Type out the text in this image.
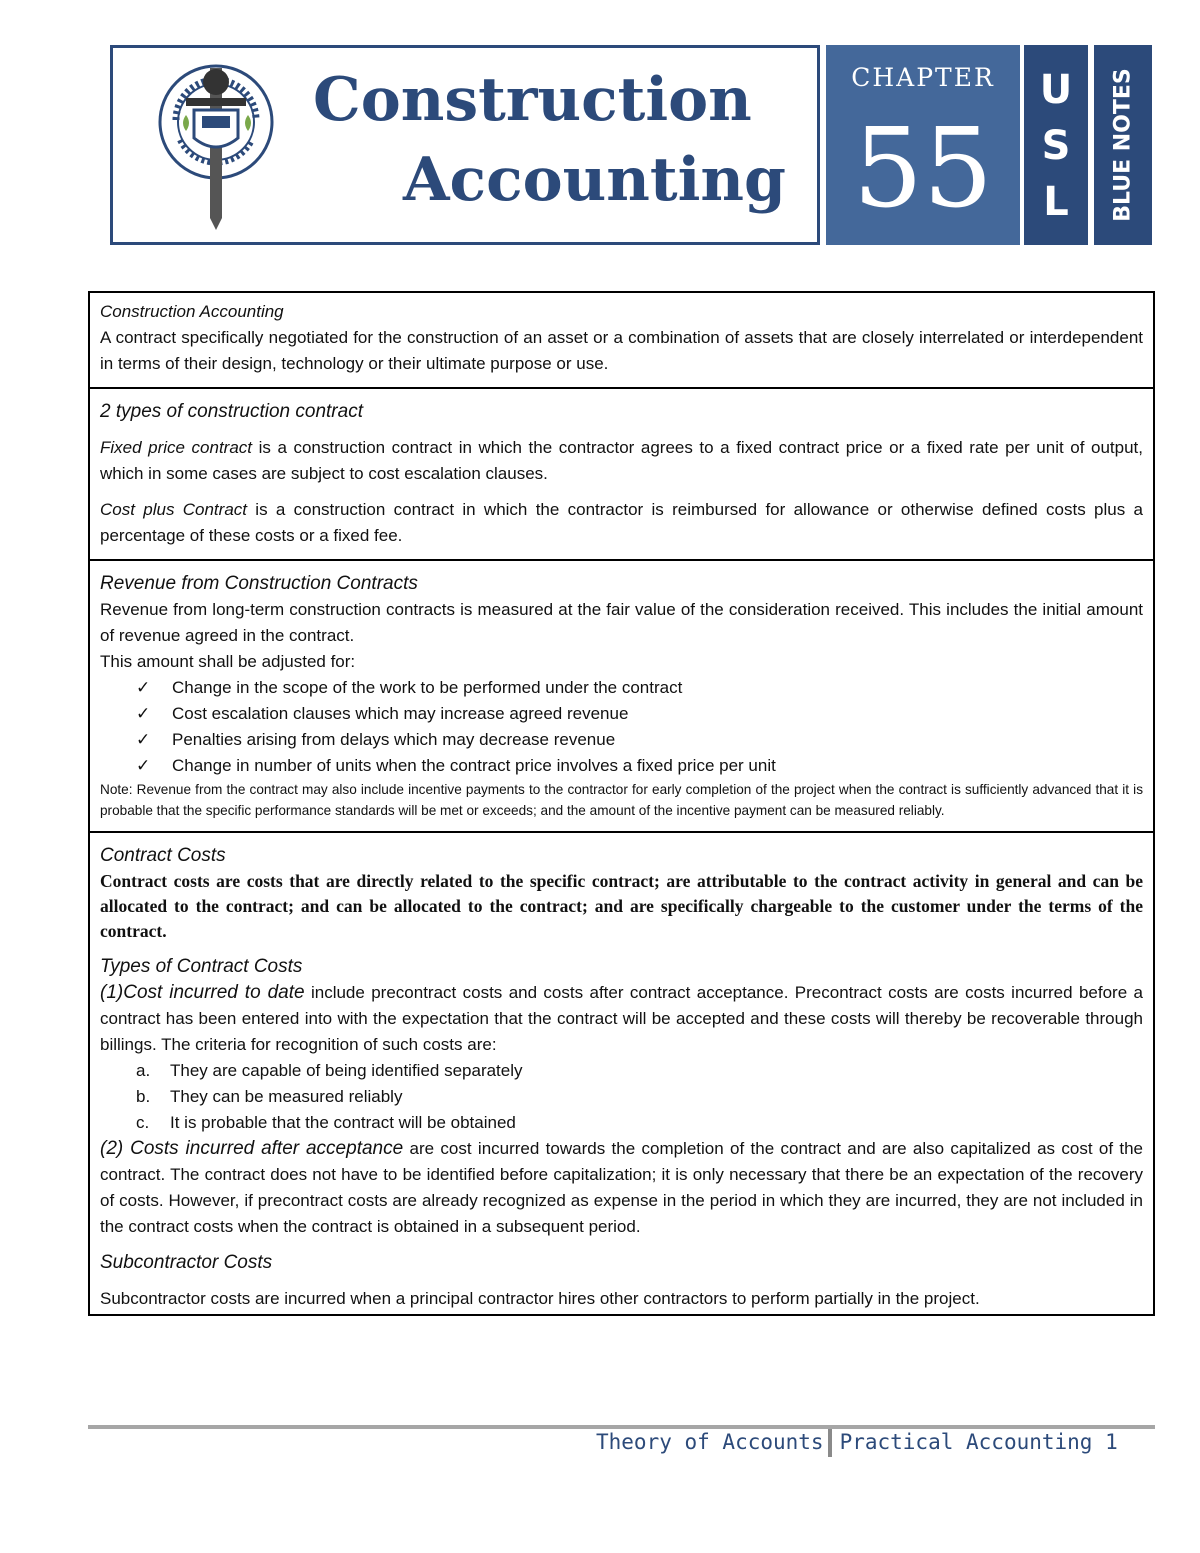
Construction
Accounting
CHAPTER
55
U
S
L	BLUE NOTES
Construction Accounting
A contract specifically negotiated for the construction of an asset or a combination of assets that are closely interrelated or interdependent in terms of their design, technology or their ultimate purpose or use.
2 types of construction contract
Fixed price contract is a construction contract in which the contractor agrees to a fixed contract price or a fixed rate per unit of output, which in some cases are subject to cost escalation clauses.
Cost plus Contract is a construction contract in which the contractor is reimbursed for allowance or otherwise defined costs plus a percentage of these costs or a fixed fee.
Revenue from Construction Contracts
Revenue from long-term construction contracts is measured at the fair value of the consideration received. This includes the initial amount of revenue agreed in the contract.
This amount shall be adjusted for:
✓ Change in the scope of the work to be performed under the contract
✓ Cost escalation clauses which may increase agreed revenue
✓ Penalties arising from delays which may decrease revenue
✓ Change in number of units when the contract price involves a fixed price per unit
Note: Revenue from the contract may also include incentive payments to the contractor for early completion of the project when the contract is sufficiently advanced that it is probable that the specific performance standards will be met or exceeds; and the amount of the incentive payment can be measured reliably.
Contract Costs
Contract costs are costs that are directly related to the specific contract; are attributable to the contract activity in general and can be allocated to the contract; and can be allocated to the contract; and are specifically chargeable to the customer under the terms of the contract.
Types of Contract Costs
(1)Cost incurred to date include precontract costs and costs after contract acceptance. Precontract costs are costs incurred before a contract has been entered into with the expectation that the contract will be accepted and these costs will thereby be recoverable through billings. The criteria for recognition of such costs are:
a. They are capable of being identified separately
b. They can be measured reliably
c. It is probable that the contract will be obtained
(2) Costs incurred after acceptance are cost incurred towards the completion of the contract and are also capitalized as cost of the contract. The contract does not have to be identified before capitalization; it is only necessary that there be an expectation of the recovery of costs. However, if precontract costs are already recognized as expense in the period in which they are incurred, they are not included in the contract costs when the contract is obtained in a subsequent period.
Subcontractor Costs
Subcontractor costs are incurred when a principal contractor hires other contractors to perform partially in the project.
Theory of Accounts Practical Accounting 1
